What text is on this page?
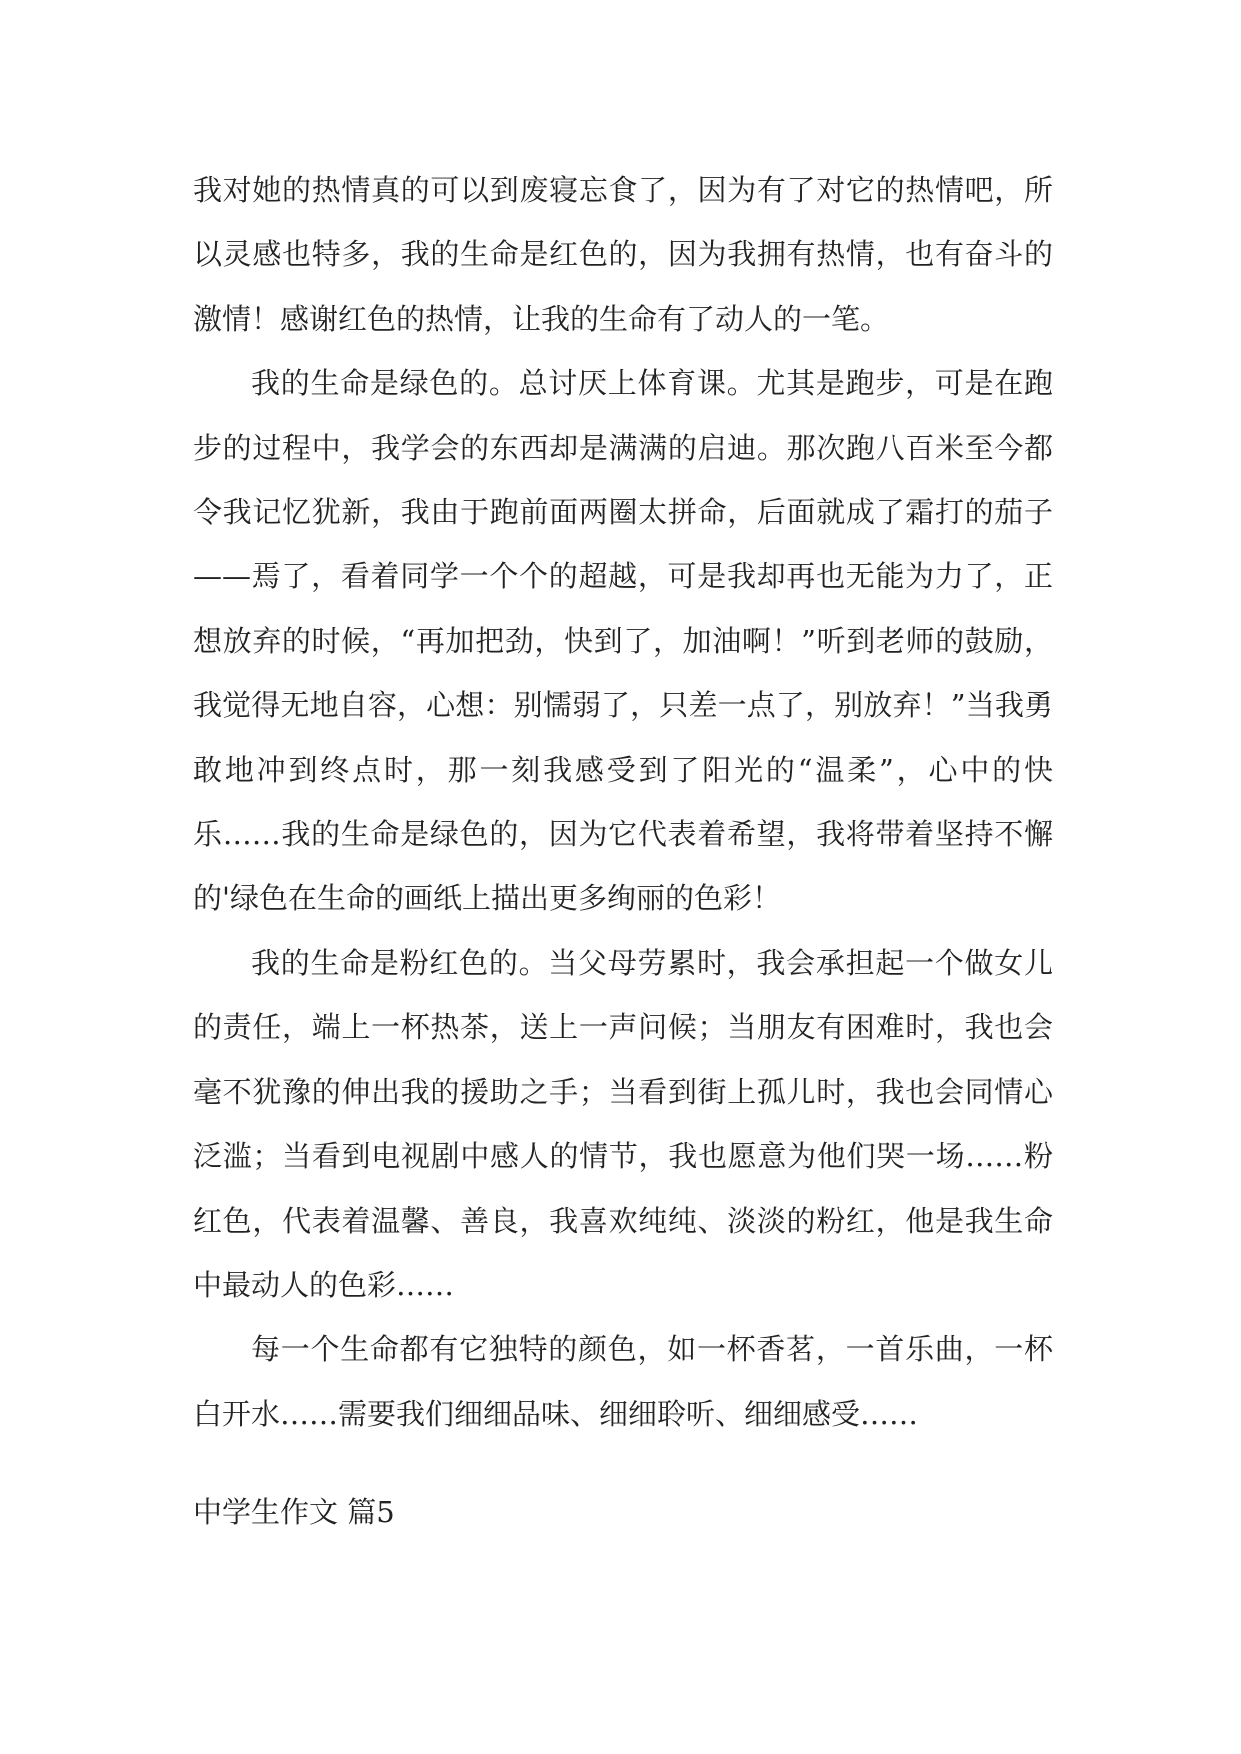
我对她的热情真的可以到废寝忘食了，因为有了对它的热情吧，所以灵感也特多，我的生命是红色的，因为我拥有热情，也有奋斗的激情！感谢红色的热情，让我的生命有了动人的一笔。

我的生命是绿色的。总讨厌上体育课。尤其是跑步，可是在跑步的过程中，我学会的东西却是满满的启迪。那次跑八百米至今都令我记忆犹新，我由于跑前面两圈太拼命，后面就成了霜打的茄子——焉了，看着同学一个个的超越，可是我却再也无能为力了，正想放弃的时候，“再加把劲，快到了，加油啊！”听到老师的鼓励，我觉得无地自容，心想：别懦弱了，只差一点了，别放弃！”当我勇敢地冲到终点时，那一刻我感受到了阳光的“温柔”，心中的快乐……我的生命是绿色的，因为它代表着希望，我将带着坚持不懈的'绿色在生命的画纸上描出更多绚丽的色彩！

我的生命是粉红色的。当父母劳累时，我会承担起一个做女儿的责任，端上一杯热茶，送上一声问候；当朋友有困难时，我也会毫不犹豫的伸出我的援助之手；当看到街上孤儿时，我也会同情心泛滥；当看到电视剧中感人的情节，我也愿意为他们哭一场……粉红色，代表着温馨、善良，我喜欢纯纯、淡淡的粉红，他是我生命中最动人的色彩……

每一个生命都有它独特的颜色，如一杯香茗，一首乐曲，一杯白开水……需要我们细细品味、细细聆听、细细感受……

中学生作文 篇5
